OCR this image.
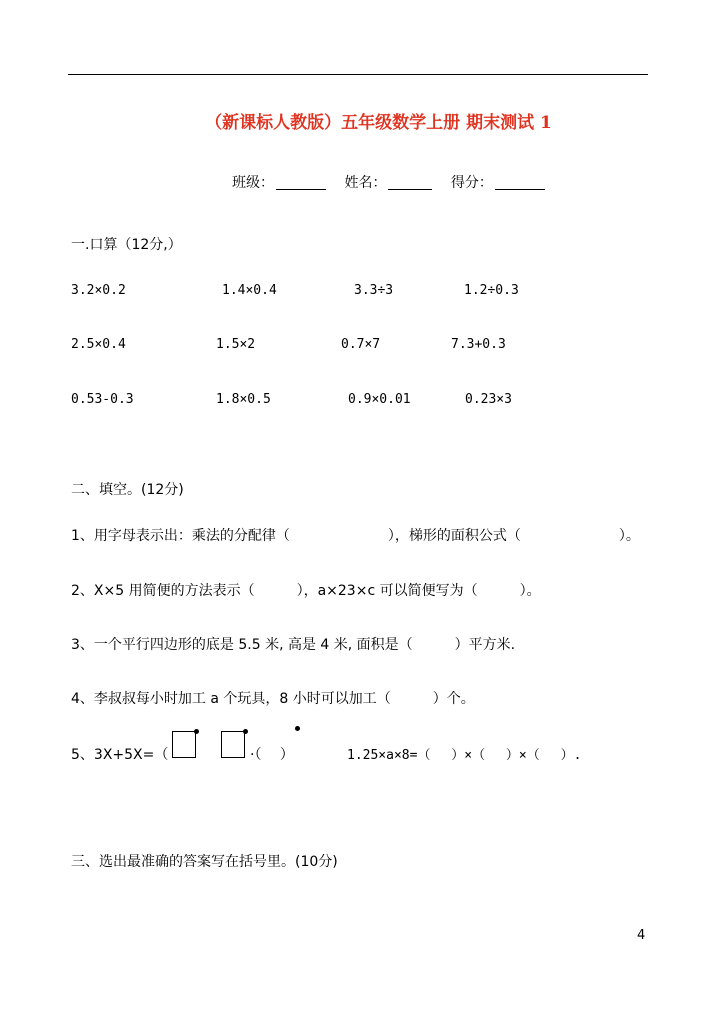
（新课标人教版）五年级数学上册 期末测试 1
班级：	姓名：	得分：
一.口算（12分,）
3.2×0.2	1.4×0.4	3.3÷3	1.2÷0.3
2.5×0.4	1.5×2	0.7×7	7.3+0.3
0.53-0.3	1.8×0.5	0.9×0.01	0.23×3
二、填空。(12分)
1、用字母表示出：乘法的分配律（　　　　　　　），梯形的面积公式（　　　　　　　）。
2、X×5 用简便的方法表示（　　　），a×23×c 可以简便写为（　　　）。
3、一个平行四边形的底是 5.5 米, 高是 4 米, 面积是（　　　）平方米.
4、李叔叔每小时加工 a 个玩具，8 小时可以加工（　　　）个。
5、3X+5X=（	·（　 ）	1.25×a×8=（　 ）×（　 ）×（　 ）.
三、选出最准确的答案写在括号里。(10分)
4
